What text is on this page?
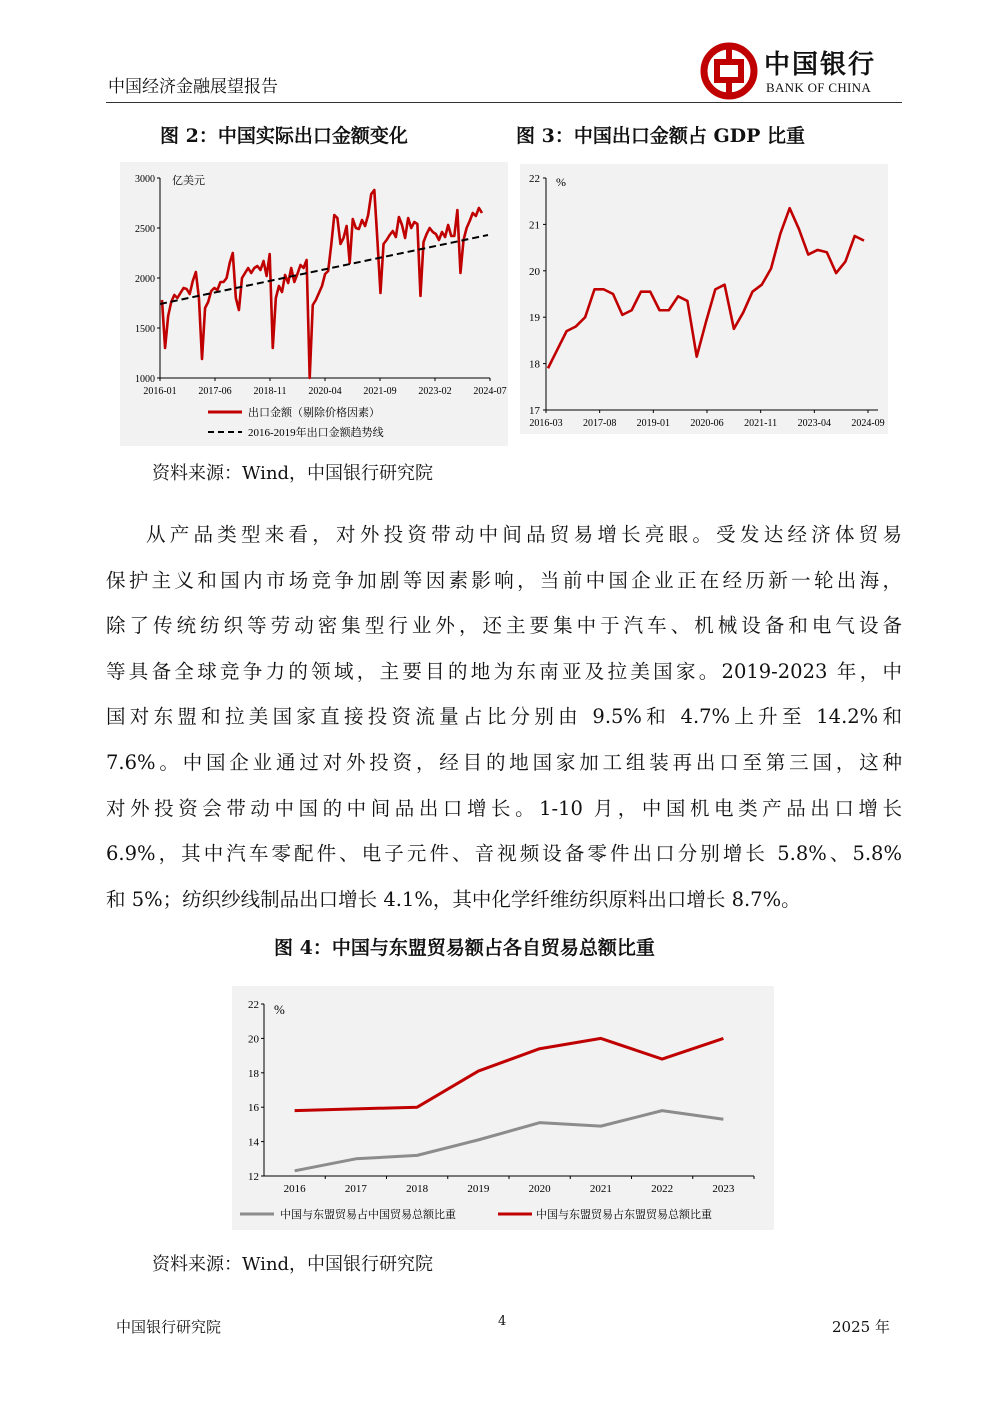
中国经济金融展望报告
中国银行
BANK OF CHINA
图 2：中国实际出口金额变化	图 3：中国出口金额占 GDP 比重
3000
2500
2000
1500
1000
2016-01 2017-06 2018-11 2020-04 2021-09 2023-02 2024-07
亿美元
出口金额（剔除价格因素）
2016-2019年出口金额趋势线
22
21
20
19
18
17
2016-03 2017-08 2019-01 2020-06 2021-11 2023-04 2024-09
%
资料来源：Wind，中国银行研究院
从产品类型来看，对外投资带动中间品贸易增长亮眼。受发达经济体贸易
保护主义和国内市场竞争加剧等因素影响，当前中国企业正在经历新一轮出海，
除了传统纺织等劳动密集型行业外，还主要集中于汽车、机械设备和电气设备
等具备全球竞争力的领域，主要目的地为东南亚及拉美国家。2019-2023 年，中
国对东盟和拉美国家直接投资流量占比分别由 9.5%和 4.7%上升至 14.2%和
7.6%。中国企业通过对外投资，经目的地国家加工组装再出口至第三国，这种
对外投资会带动中国的中间品出口增长。1-10 月，中国机电类产品出口增长
6.9%，其中汽车零配件、电子元件、音视频设备零件出口分别增长 5.8%、5.8%
和 5%；纺织纱线制品出口增长 4.1%，其中化学纤维纺织原料出口增长 8.7%。
图 4：中国与东盟贸易额占各自贸易总额比重
22
20
18
16
14
12
2016	2017	2018	2019	2020	2021	2022	2023
%
中国与东盟贸易占中国贸易总额比重	中国与东盟贸易占东盟贸易总额比重
资料来源：Wind，中国银行研究院
中国银行研究院	4	2025 年
